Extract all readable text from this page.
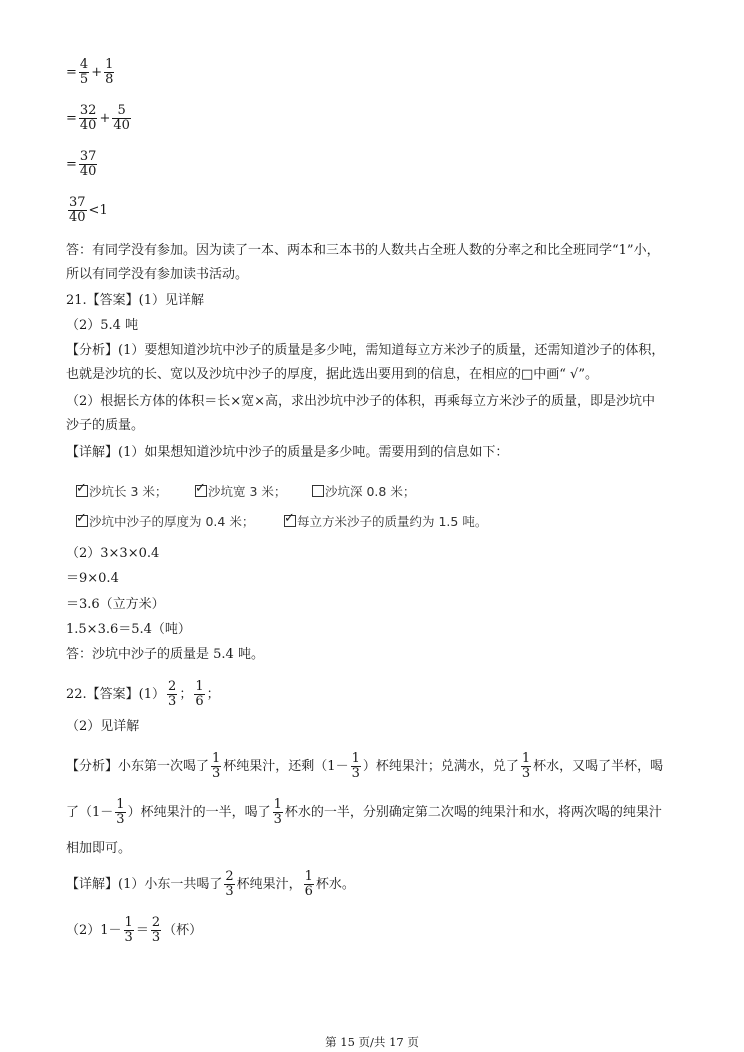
= $\frac{4}{5} + \frac{1}{8}$
= $\frac{32}{40} + \frac{5}{40}$
= $\frac{37}{40}$
$\frac{37}{40} <1$
答：有同学没有参加。因为读了一本、两本和三本书的人数共占全班人数的分率之和比全班同学“1”小，
所以有同学没有参加读书活动。
21.【答案】(1）见详解
（2）5.4 吨
【分析】(1）要想知道沙坑中沙子的质量是多少吨，需知道每立方米沙子的质量，还需知道沙子的体积，
也就是沙坑的长、宽以及沙坑中沙子的厚度，据此选出要用到的信息，在相应的□中画“ √”。
（2）根据长方体的体积＝长×宽×高，求出沙坑中沙子的体积，再乘每立方米沙子的质量，即是沙坑中
沙子的质量。
【详解】(1）如果想知道沙坑中沙子的质量是多少吨。需要用到的信息如下：
✓沙坑长 3 米； ✓	沙坑宽 3 米；	沙坑深 0.8 米；
✓沙坑中沙子的厚度为 0.4 米； ✓	每立方米沙子的质量约为 1.5 吨。
（2）3×3×0.4
＝9×0.4
＝3.6（立方米）
1.5×3.6＝5.4（吨）
答：沙坑中沙子的质量是 5.4 吨。
22.【答案】$(1) \frac{2}{3}$ ； $\frac{1}{6}$ ；
（2）见详解
【分析】小东第一次喝了 $\frac{1}{3}$ 杯纯果汁，还剩（$1- \frac{1}{3}$ ）杯纯果汁；兑满水，兑了 $\frac{1}{3}$ 杯水，又喝了半杯，喝
了（$1- \frac{1}{3}$ ）杯纯果汁的一半，喝了 $\frac{1}{3}$ 杯水的一半，分别确定第二次喝的纯果汁和水，将两次喝的纯果汁
相加即可。
【详解】(1）小东一共喝了 $\frac{2}{3}$ 杯纯果汁， $\frac{1}{6}$ 杯水。
$(2)1- \frac{1}{3} = \frac{2}{3}$ （杯）
第 15 页/共 17 页
